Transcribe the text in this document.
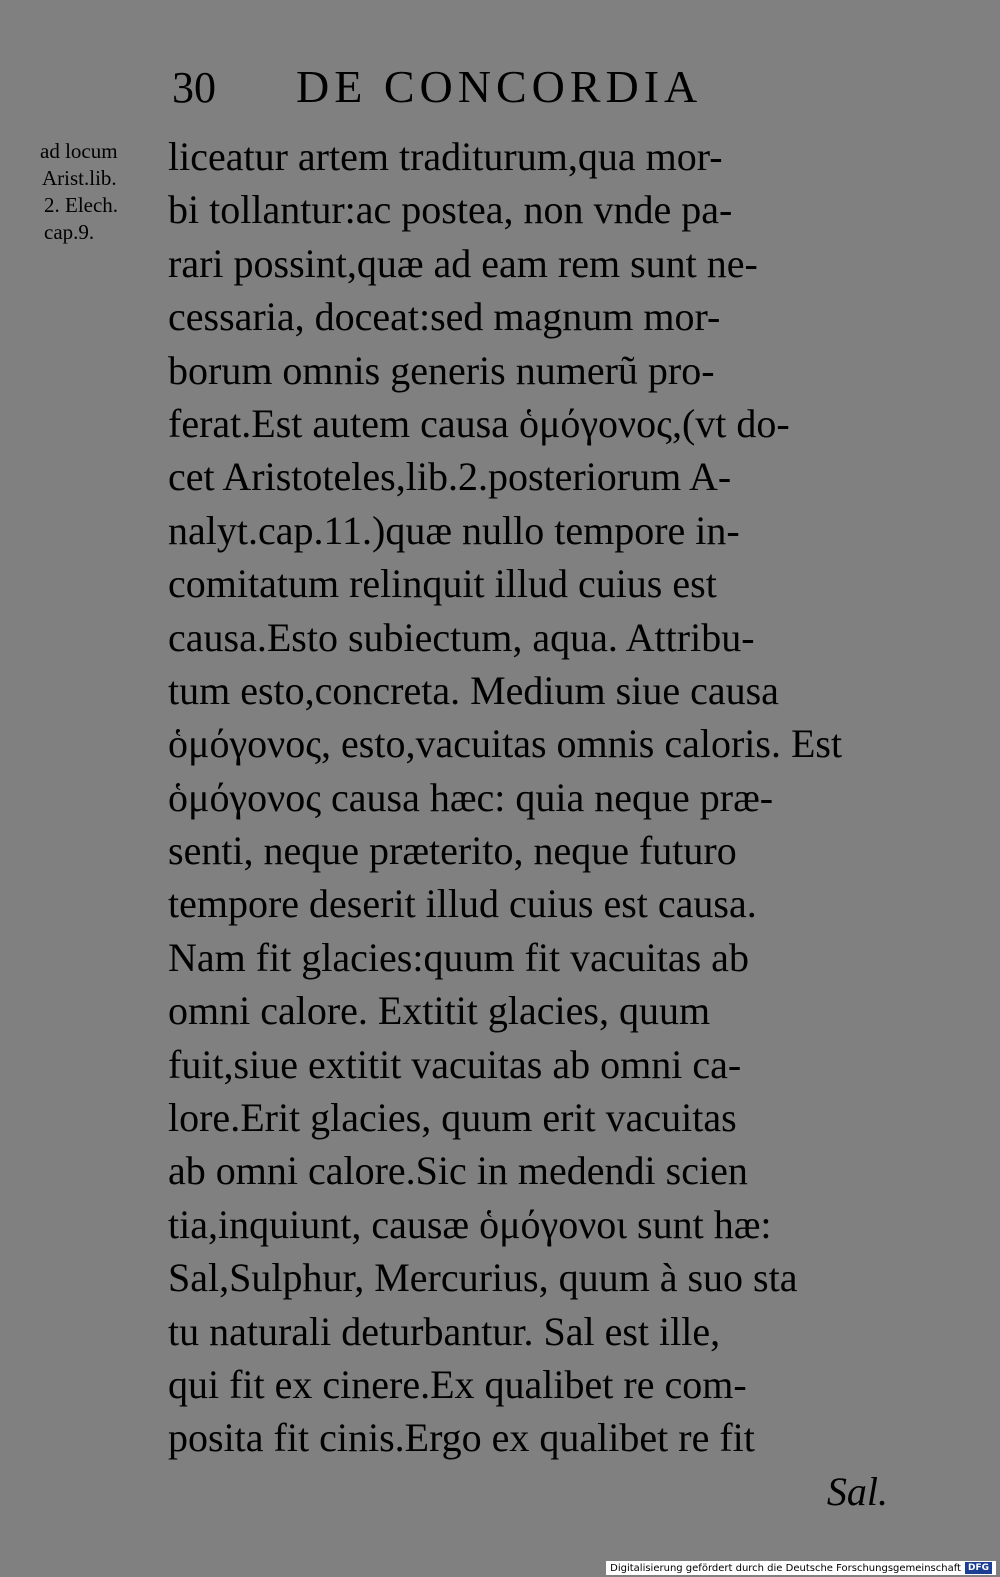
30 DE CONCORDIA
ad locum
Arist.lib.
2. Elech.
cap.9.
liceatur artem traditurum,qua mor-
bi tollantur:ac postea, non vnde pa-
rari possint,quæ ad eam rem sunt ne-
cessaria, doceat:sed magnum mor-
borum omnis generis numerũ pro-
ferat.Est autem causa ὁμόγονος,(vt do-
cet Aristoteles,lib.2.posteriorum A-
nalyt.cap.11.)quæ nullo tempore in-
comitatum relinquit illud cuius est
causa.Esto subiectum, aqua. Attribu-
tum esto,concreta. Medium siue causa
ὁμόγονος, esto,vacuitas omnis caloris. Est
ὁμόγονος causa hæc: quia neque præ-
senti, neque præterito, neque futuro
tempore deserit illud cuius est causa.
Nam fit glacies:quum fit vacuitas ab
omni calore. Extitit glacies, quum
fuit,siue extitit vacuitas ab omni ca-
lore.Erit glacies, quum erit vacuitas
ab omni calore.Sic in medendi scien
tia,inquiunt, causæ ὁμόγονοι sunt hæ:
Sal,Sulphur, Mercurius, quum à suo sta
tu naturali deturbantur. Sal est ille,
qui fit ex cinere.Ex qualibet re com-
posita fit cinis.Ergo ex qualibet re fit
Sal.
Digitalisierung gefördert durch die Deutsche Forschungsgemeinschaft DFG
